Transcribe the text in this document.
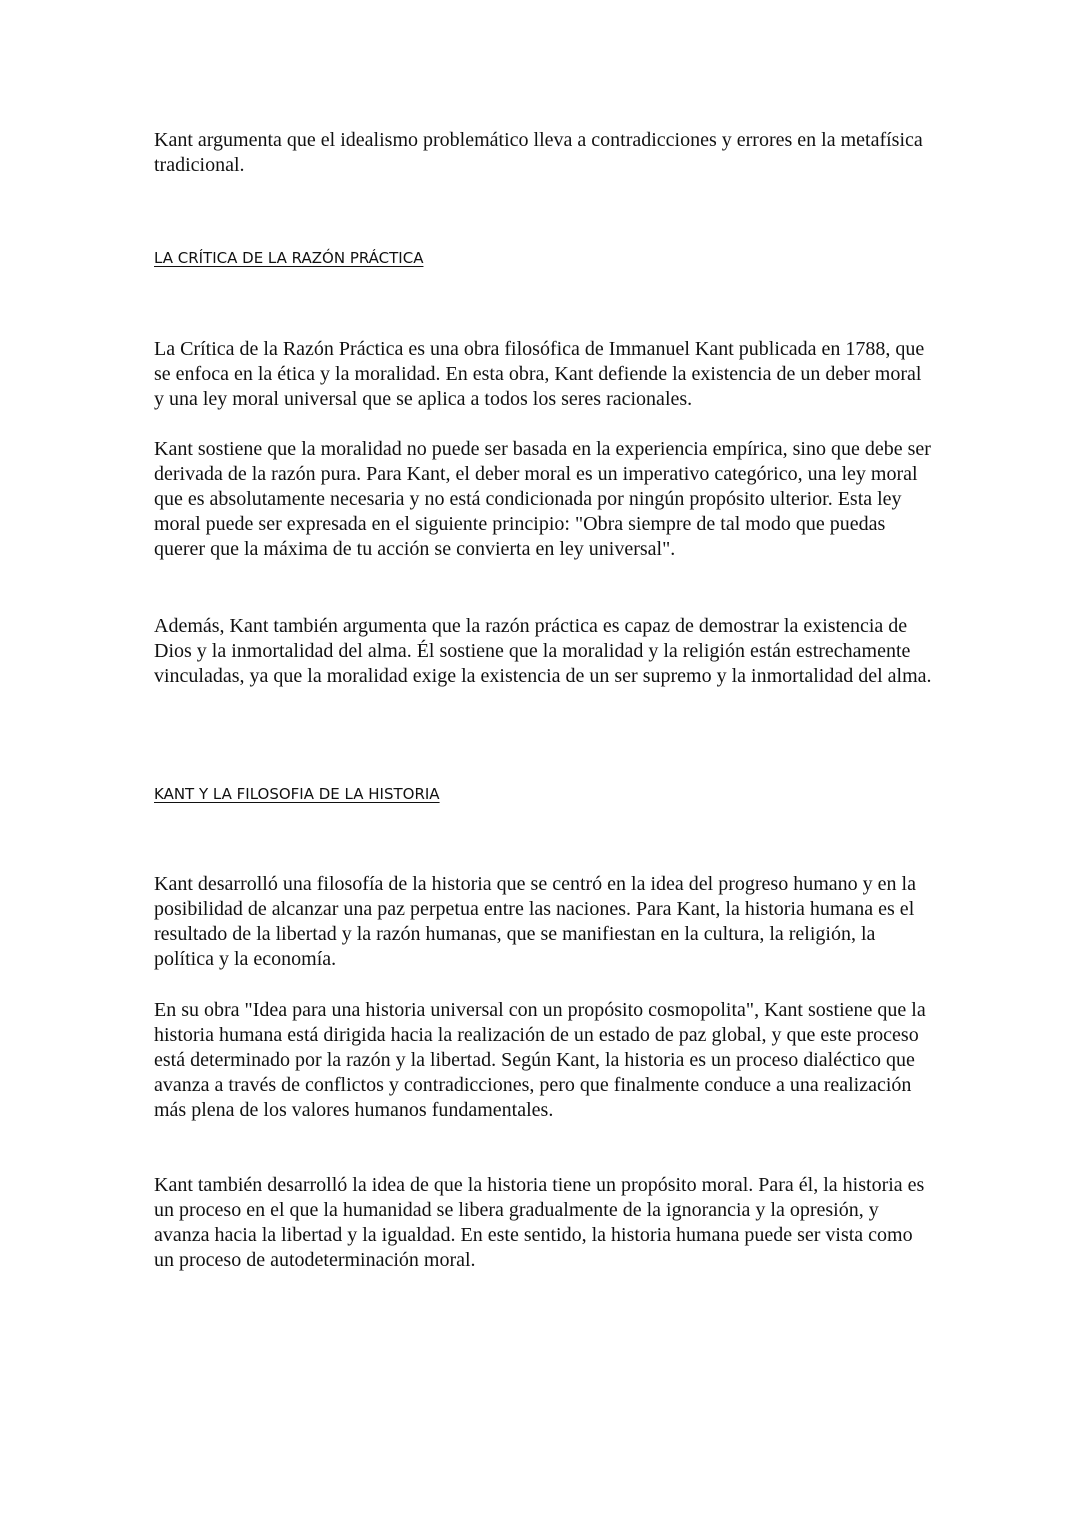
Kant argumenta que el idealismo problemático lleva a contradicciones y errores en la metafísica tradicional.

LA CRÍTICA DE LA RAZÓN PRÁCTICA

La Crítica de la Razón Práctica es una obra filosófica de Immanuel Kant publicada en 1788, que se enfoca en la ética y la moralidad. En esta obra, Kant defiende la existencia de un deber moral y una ley moral universal que se aplica a todos los seres racionales.

Kant sostiene que la moralidad no puede ser basada en la experiencia empírica, sino que debe ser derivada de la razón pura. Para Kant, el deber moral es un imperativo categórico, una ley moral que es absolutamente necesaria y no está condicionada por ningún propósito ulterior. Esta ley moral puede ser expresada en el siguiente principio: "Obra siempre de tal modo que puedas querer que la máxima de tu acción se convierta en ley universal".

Además, Kant también argumenta que la razón práctica es capaz de demostrar la existencia de Dios y la inmortalidad del alma. Él sostiene que la moralidad y la religión están estrechamente vinculadas, ya que la moralidad exige la existencia de un ser supremo y la inmortalidad del alma.

KANT Y LA FILOSOFIA DE LA HISTORIA

Kant desarrolló una filosofía de la historia que se centró en la idea del progreso humano y en la posibilidad de alcanzar una paz perpetua entre las naciones. Para Kant, la historia humana es el resultado de la libertad y la razón humanas, que se manifiestan en la cultura, la religión, la política y la economía.

En su obra "Idea para una historia universal con un propósito cosmopolita", Kant sostiene que la historia humana está dirigida hacia la realización de un estado de paz global, y que este proceso está determinado por la razón y la libertad. Según Kant, la historia es un proceso dialéctico que avanza a través de conflictos y contradicciones, pero que finalmente conduce a una realización más plena de los valores humanos fundamentales.

Kant también desarrolló la idea de que la historia tiene un propósito moral. Para él, la historia es un proceso en el que la humanidad se libera gradualmente de la ignorancia y la opresión, y avanza hacia la libertad y la igualdad. En este sentido, la historia humana puede ser vista como un proceso de autodeterminación moral.
